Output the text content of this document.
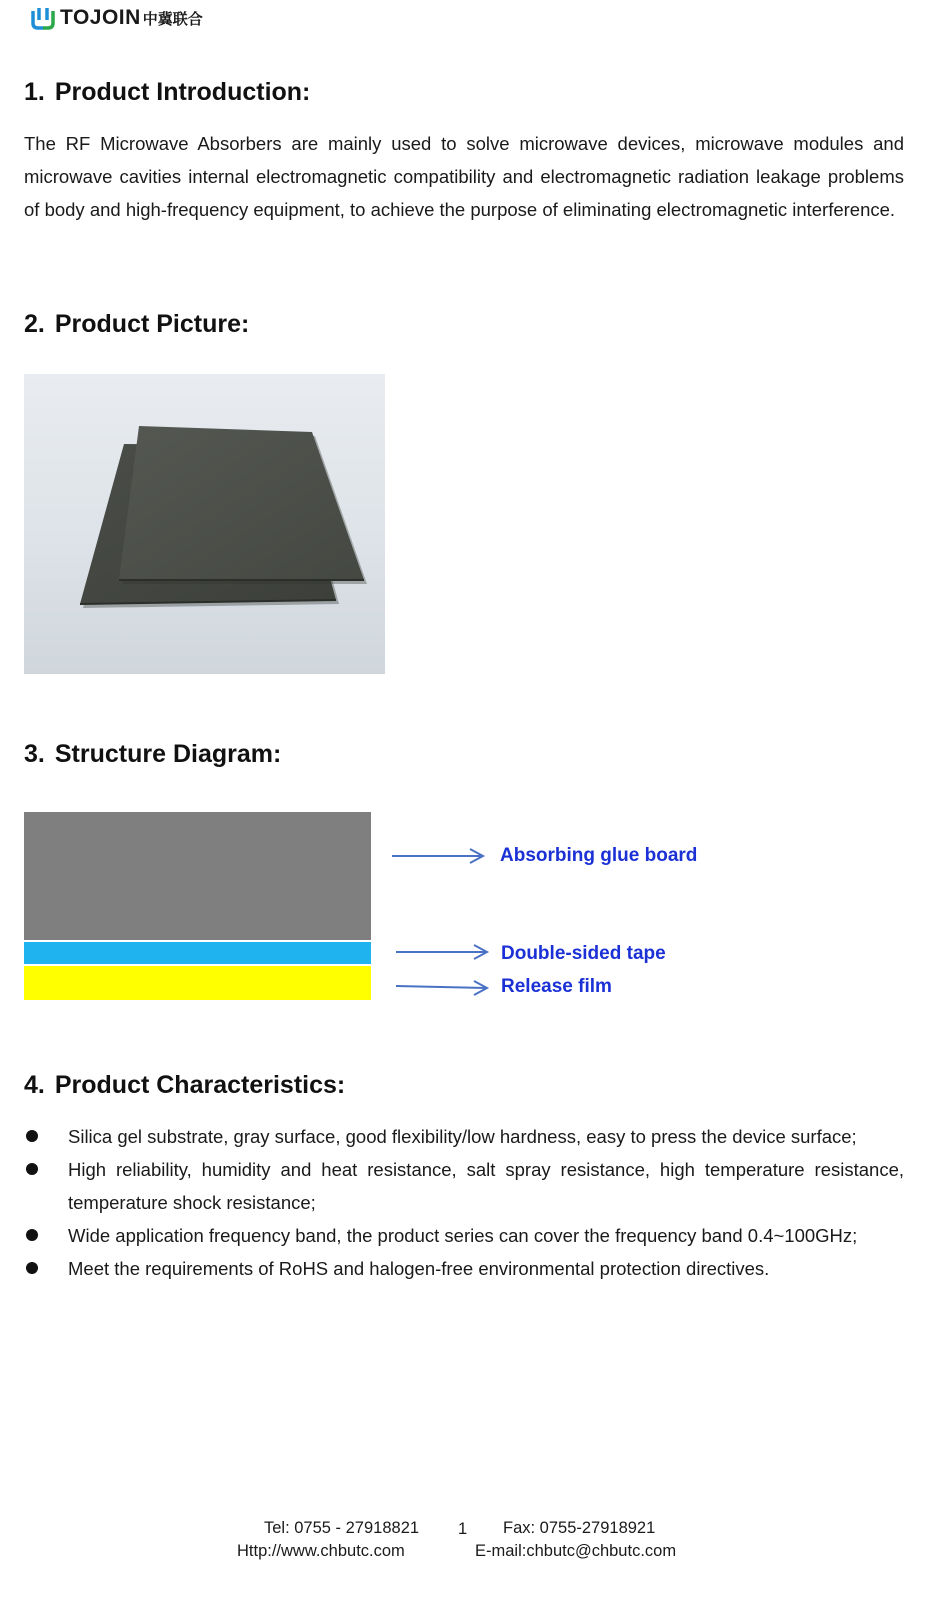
TOJOIN 中冀联合
1. Product Introduction:

The RF Microwave Absorbers are mainly used to solve microwave devices, microwave modules and microwave cavities internal electromagnetic compatibility and electromagnetic radiation leakage problems of body and high-frequency equipment, to achieve the purpose of eliminating electromagnetic interference.

2. Product Picture:
3. Structure Diagram:
Absorbing glue board
Double-sided tape
Release film
4. Product Characteristics:
Silica gel substrate, gray surface, good flexibility/low hardness, easy to press the device surface;
High reliability, humidity and heat resistance, salt spray resistance, high temperature resistance, temperature shock resistance;
Wide application frequency band, the product series can cover the frequency band 0.4~100GHz;
Meet the requirements of RoHS and halogen-free environmental protection directives.
Tel: 0755 - 27918821 1 Fax: 0755-27918921
Http://www.chbutc.com	E-mail:chbutc@chbutc.com
